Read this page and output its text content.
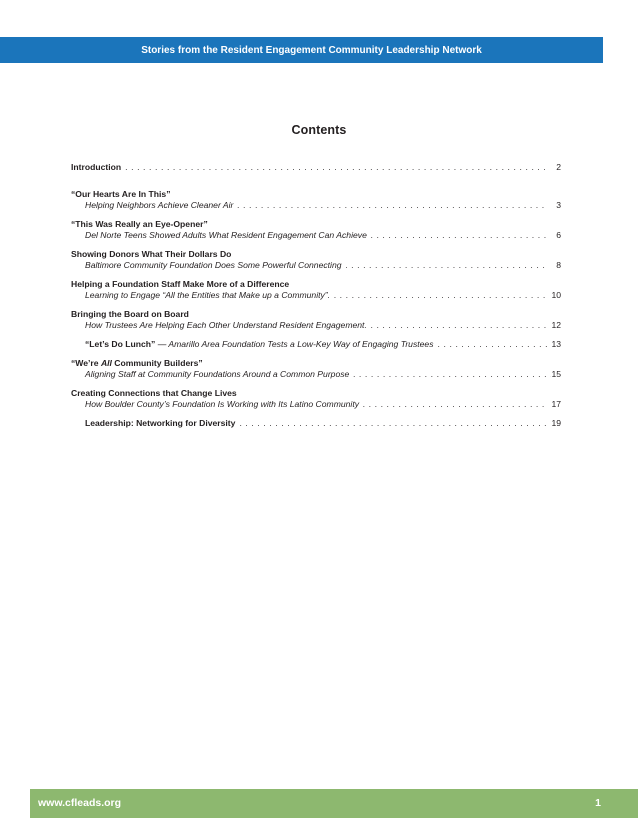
Stories from the Resident Engagement Community Leadership Network
Contents
Introduction . . .	2
“Our Hearts Are In This”
Helping Neighbors Achieve Cleaner Air . . .	3
“This Was Really an Eye-Opener”
Del Norte Teens Showed Adults What Resident Engagement Can Achieve . . .	6
Showing Donors What Their Dollars Do
Baltimore Community Foundation Does Some Powerful Connecting . . .	8
Helping a Foundation Staff Make More of a Difference
Learning to Engage “All the Entities that Make up a Community”. . . .	10
Bringing the Board on Board
How Trustees Are Helping Each Other Understand Resident Engagement. . . .	12
“Let’s Do Lunch” — Amarillo Area Foundation Tests a Low-Key Way of Engaging Trustees . . .	13
“We’re All Community Builders”
Aligning Staff at Community Foundations Around a Common Purpose . . .	15
Creating Connections that Change Lives
How Boulder County’s Foundation Is Working with Its Latino Community . . .	17
Leadership: Networking for Diversity . . .	19
www.cfleads.org	1
